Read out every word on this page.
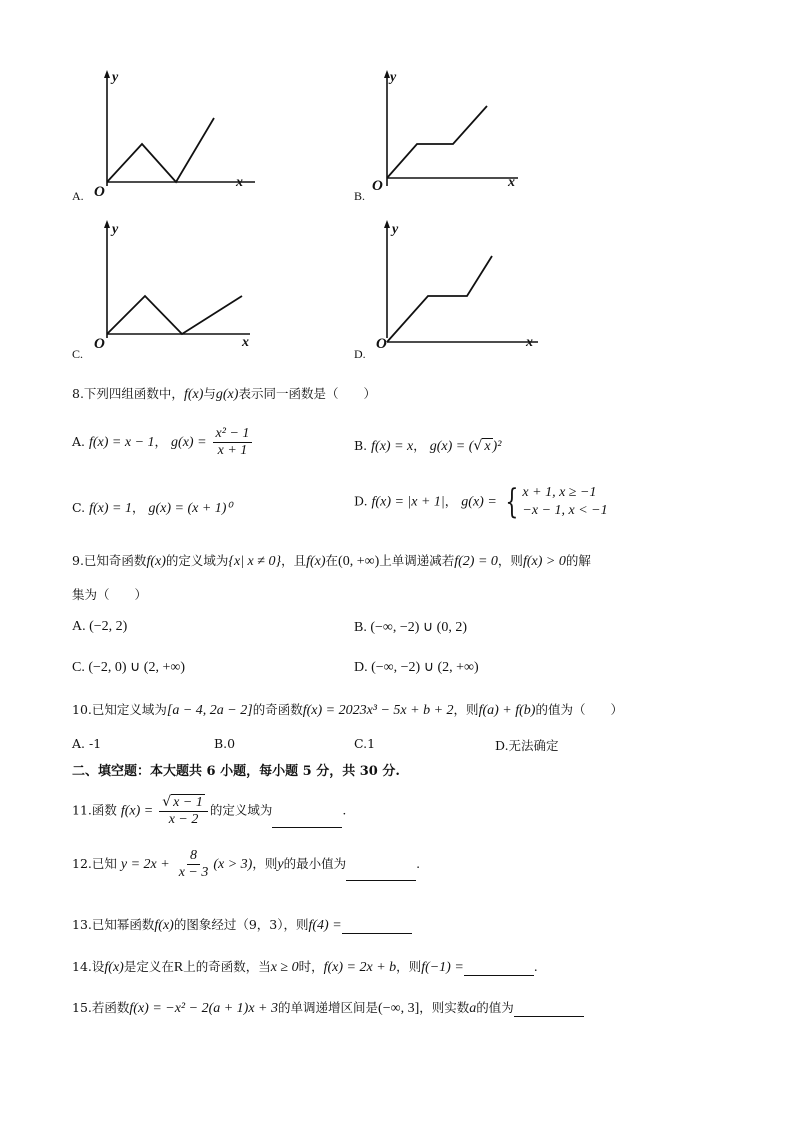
y
x
O
A.
y
x
O
B.
y
x
O
C.
y
x
O
D.
8.下列四组函数中，f(x)与g(x)表示同一函数是（　　）
A. f(x) = x − 1， $g(x) = \frac{\text{x² − 1}}{x + 1}$	B. f(x) = x， g(x) = ( √ x )²
C. f(x) = 1， g(x) = (x + 1)⁰	D. f(x) = |x + 1|， g(x) = { x + 1, x ≥ −1
−x − 1, x < −1
9.已知奇函数f(x)的定义域为{x| x ≠ 0}，且f(x)在(0, +∞)上单调递减若f(2) = 0，则f(x) > 0的解
集为（　　）
A. (−2, 2)	B. (−∞, −2) ∪ (0, 2)
C. (−2, 0) ∪ (2, +∞)	D. (−∞, −2) ∪ (2, +∞)
10.已知定义域为[a − 4, 2a − 2]的奇函数f(x) = 2023x³ − 5x + b + 2，则f(a) + f(b)的值为（　　）
A. -1	B.0	C.1	D.无法确定
二、填空题：本大题共 6 小题，每小题 5 分，共 30 分.
11.函数 $f(x) = \frac{√ x - 1}{x - 2}$ 的定义域为	.
12.已知 $y = 2x + \frac{8}{x - 3} (x > 3)$，则y的最小值为	.
13.已知幂函数f(x)的图象经过（9，3），则f(4) =
14.设f(x)是定义在R上的奇函数，当x ≥ 0时，f(x) = 2x + b，则f(−1) =	.
15.若函数f(x) = −x² − 2(a + 1)x + 3的单调递增区间是(−∞, 3]，则实数a的值为
